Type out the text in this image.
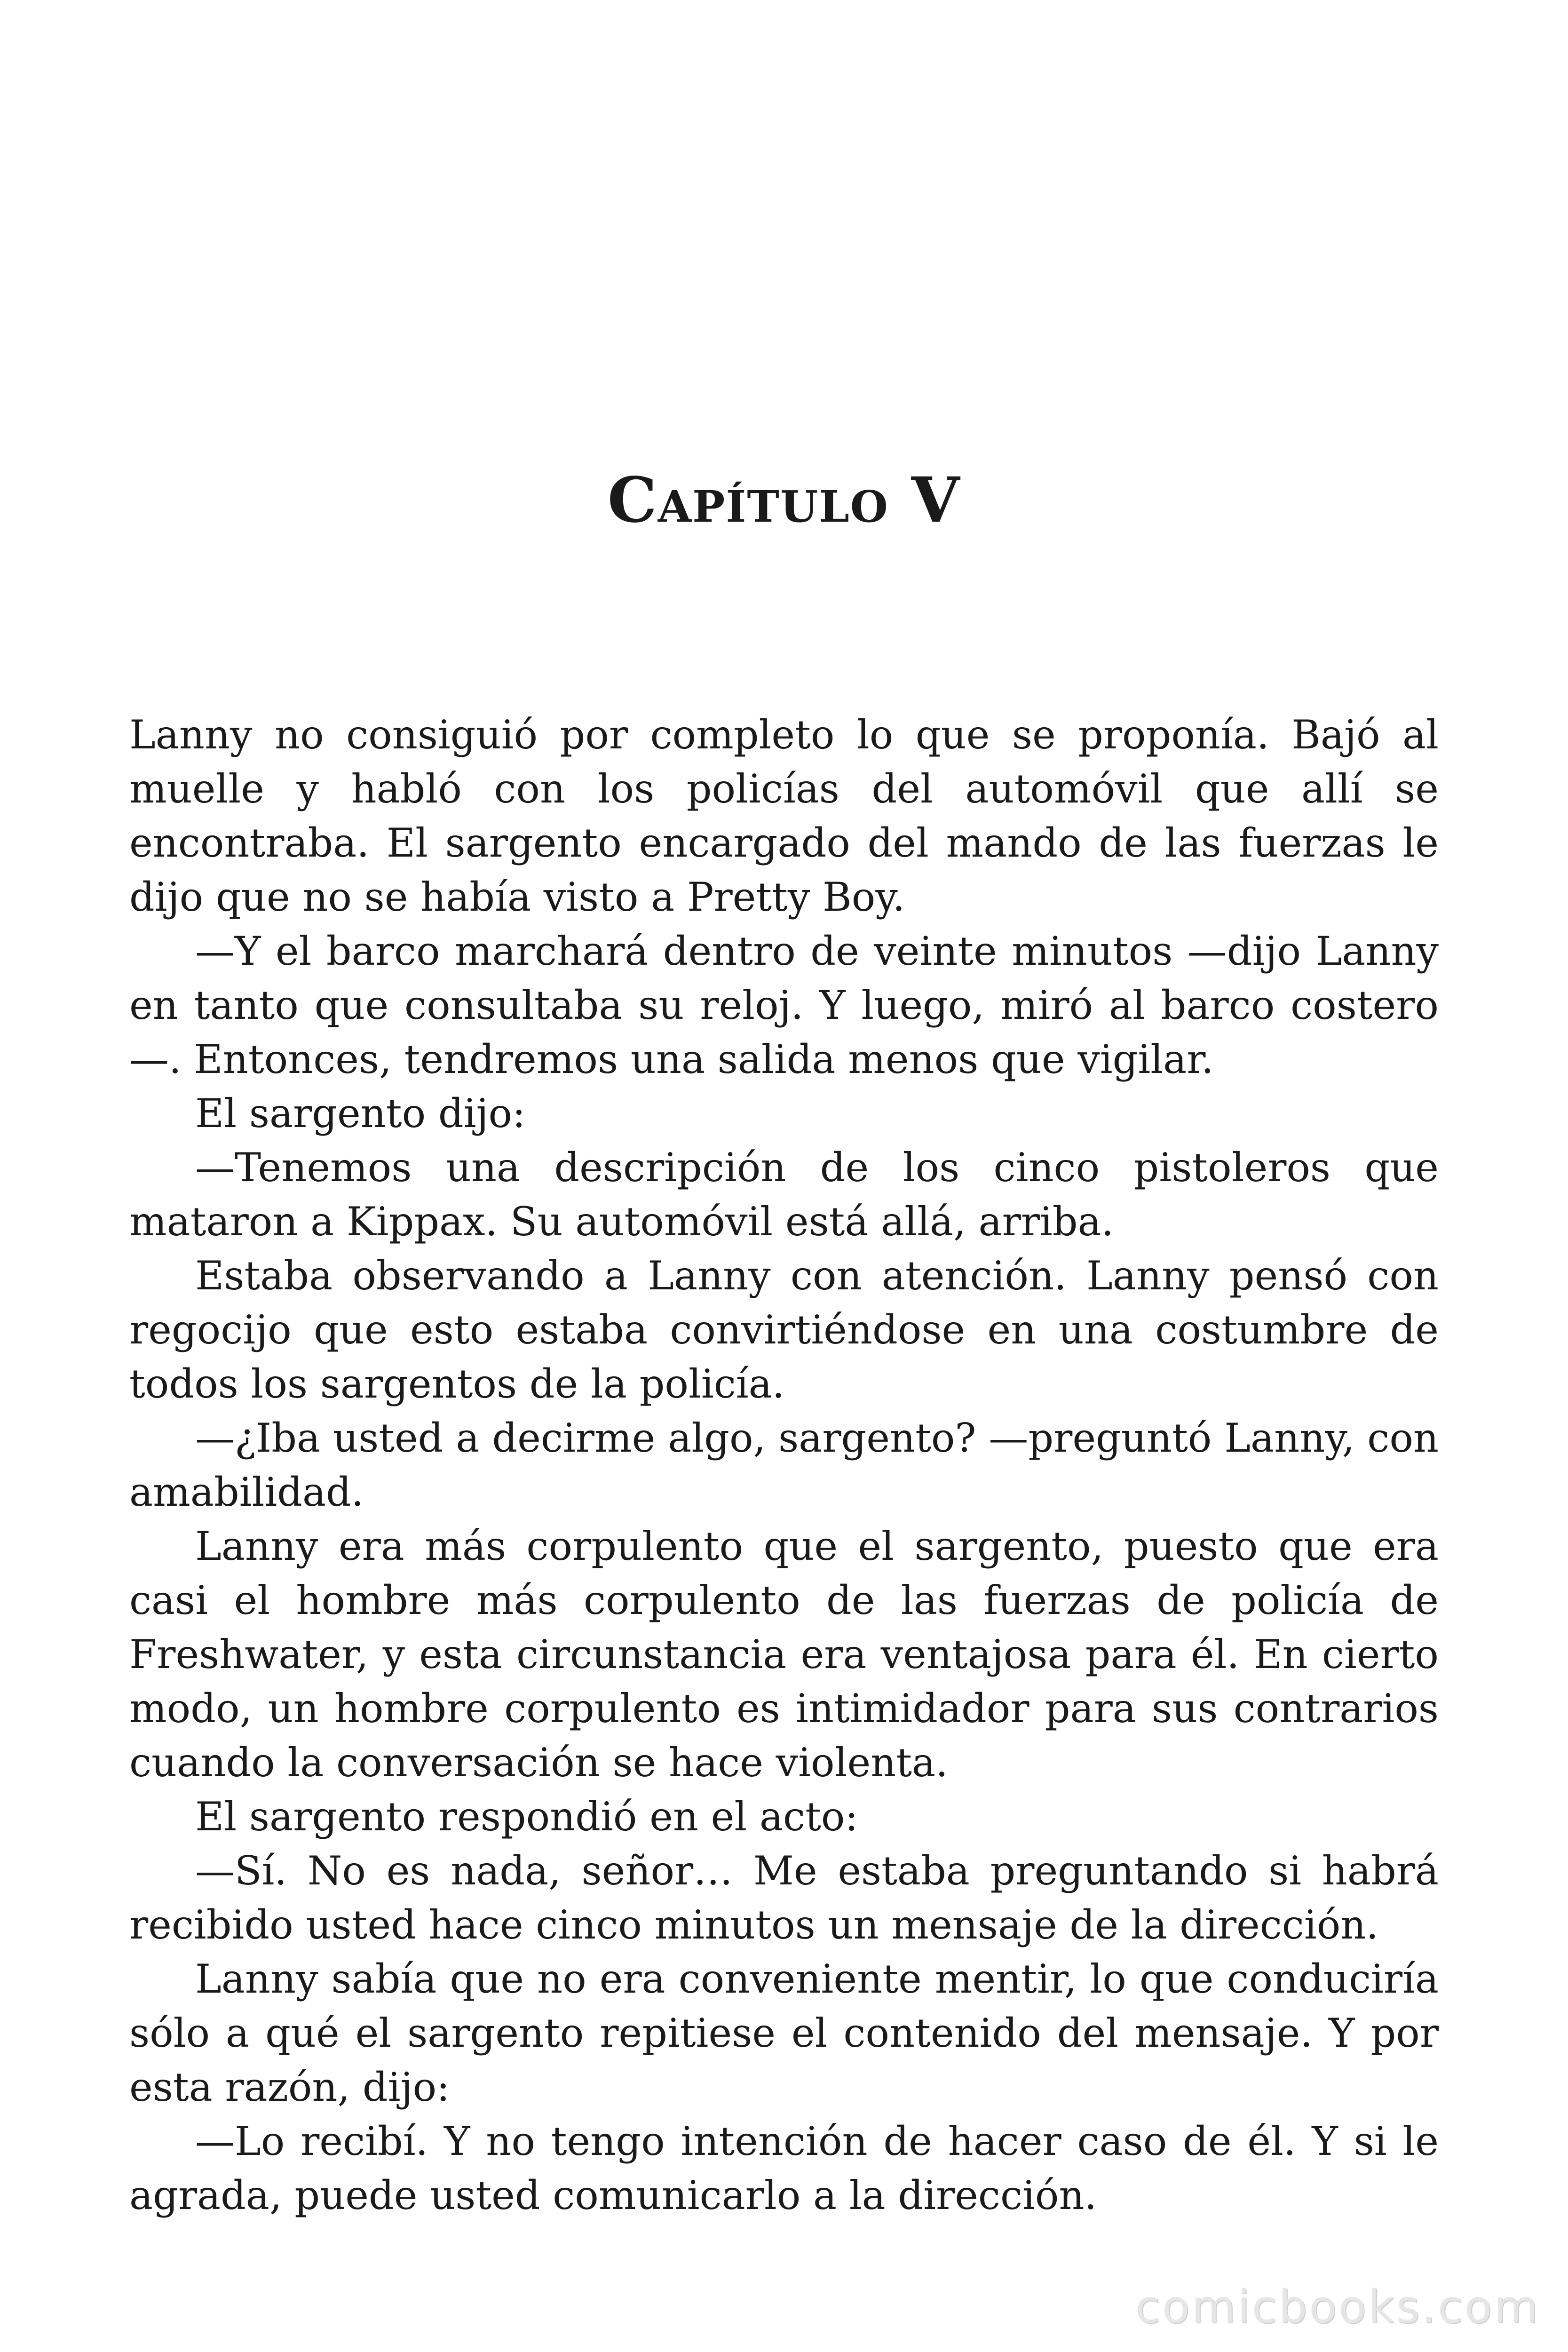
Capítulo V

Lanny no consiguió por completo lo que se proponía. Bajó al muelle y habló con los policías del automóvil que allí se encontraba. El sargento encargado del mando de las fuerzas le dijo que no se había visto a Pretty Boy.

—Y el barco marchará dentro de veinte minutos —dijo Lanny en tanto que consultaba su reloj. Y luego, miró al barco costero—. Entonces, tendremos una salida menos que vigilar.

El sargento dijo:

—Tenemos una descripción de los cinco pistoleros que mataron a Kippax. Su automóvil está allá, arriba.

Estaba observando a Lanny con atención. Lanny pensó con regocijo que esto estaba convirtiéndose en una costumbre de todos los sargentos de la policía.

—¿Iba usted a decirme algo, sargento? —preguntó Lanny, con amabilidad.

Lanny era más corpulento que el sargento, puesto que era casi el hombre más corpulento de las fuerzas de policía de Freshwater, y esta circunstancia era ventajosa para él. En cierto modo, un hombre corpulento es intimidador para sus contrarios cuando la conversación se hace violenta.

El sargento respondió en el acto:

—Sí. No es nada, señor… Me estaba preguntando si habrá recibido usted hace cinco minutos un mensaje de la dirección.

Lanny sabía que no era conveniente mentir, lo que conduciría sólo a qué el sargento repitiese el contenido del mensaje. Y por esta razón, dijo:

—Lo recibí. Y no tengo intención de hacer caso de él. Y si le agrada, puede usted comunicarlo a la dirección.

comicbooks.com
